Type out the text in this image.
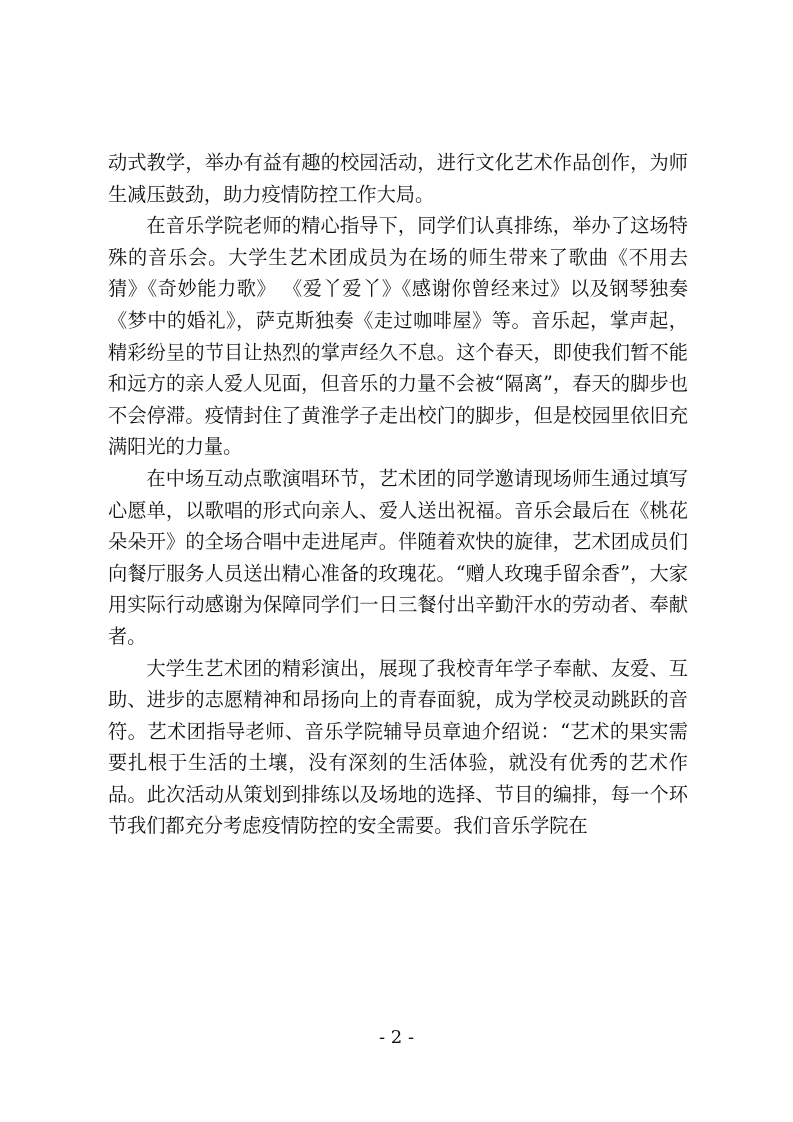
动式教学，举办有益有趣的校园活动，进行文化艺术作品创作，为师生减压鼓劲，助力疫情防控工作大局。

在音乐学院老师的精心指导下，同学们认真排练，举办了这场特殊的音乐会。大学生艺术团成员为在场的师生带来了歌曲《不用去猜》《奇妙能力歌》 《爱丫爱丫》《感谢你曾经来过》以及钢琴独奏《梦中的婚礼》，萨克斯独奏《走过咖啡屋》等。音乐起，掌声起，精彩纷呈的节目让热烈的掌声经久不息。这个春天，即使我们暂不能和远方的亲人爱人见面，但音乐的力量不会被“隔离”，春天的脚步也不会停滞。疫情封住了黄淮学子走出校门的脚步，但是校园里依旧充满阳光的力量。

在中场互动点歌演唱环节，艺术团的同学邀请现场师生通过填写心愿单，以歌唱的形式向亲人、爱人送出祝福。音乐会最后在《桃花朵朵开》的全场合唱中走进尾声。伴随着欢快的旋律，艺术团成员们向餐厅服务人员送出精心准备的玫瑰花。“赠人玫瑰手留余香”，大家用实际行动感谢为保障同学们一日三餐付出辛勤汗水的劳动者、奉献者。

大学生艺术团的精彩演出，展现了我校青年学子奉献、友爱、互助、进步的志愿精神和昂扬向上的青春面貌，成为学校灵动跳跃的音符。艺术团指导老师、音乐学院辅导员章迪介绍说：“艺术的果实需要扎根于生活的土壤，没有深刻的生活体验，就没有优秀的艺术作品。此次活动从策划到排练以及场地的选择、节目的编排，每一个环节我们都充分考虑疫情防控的安全需要。我们音乐学院在

- 2 -
